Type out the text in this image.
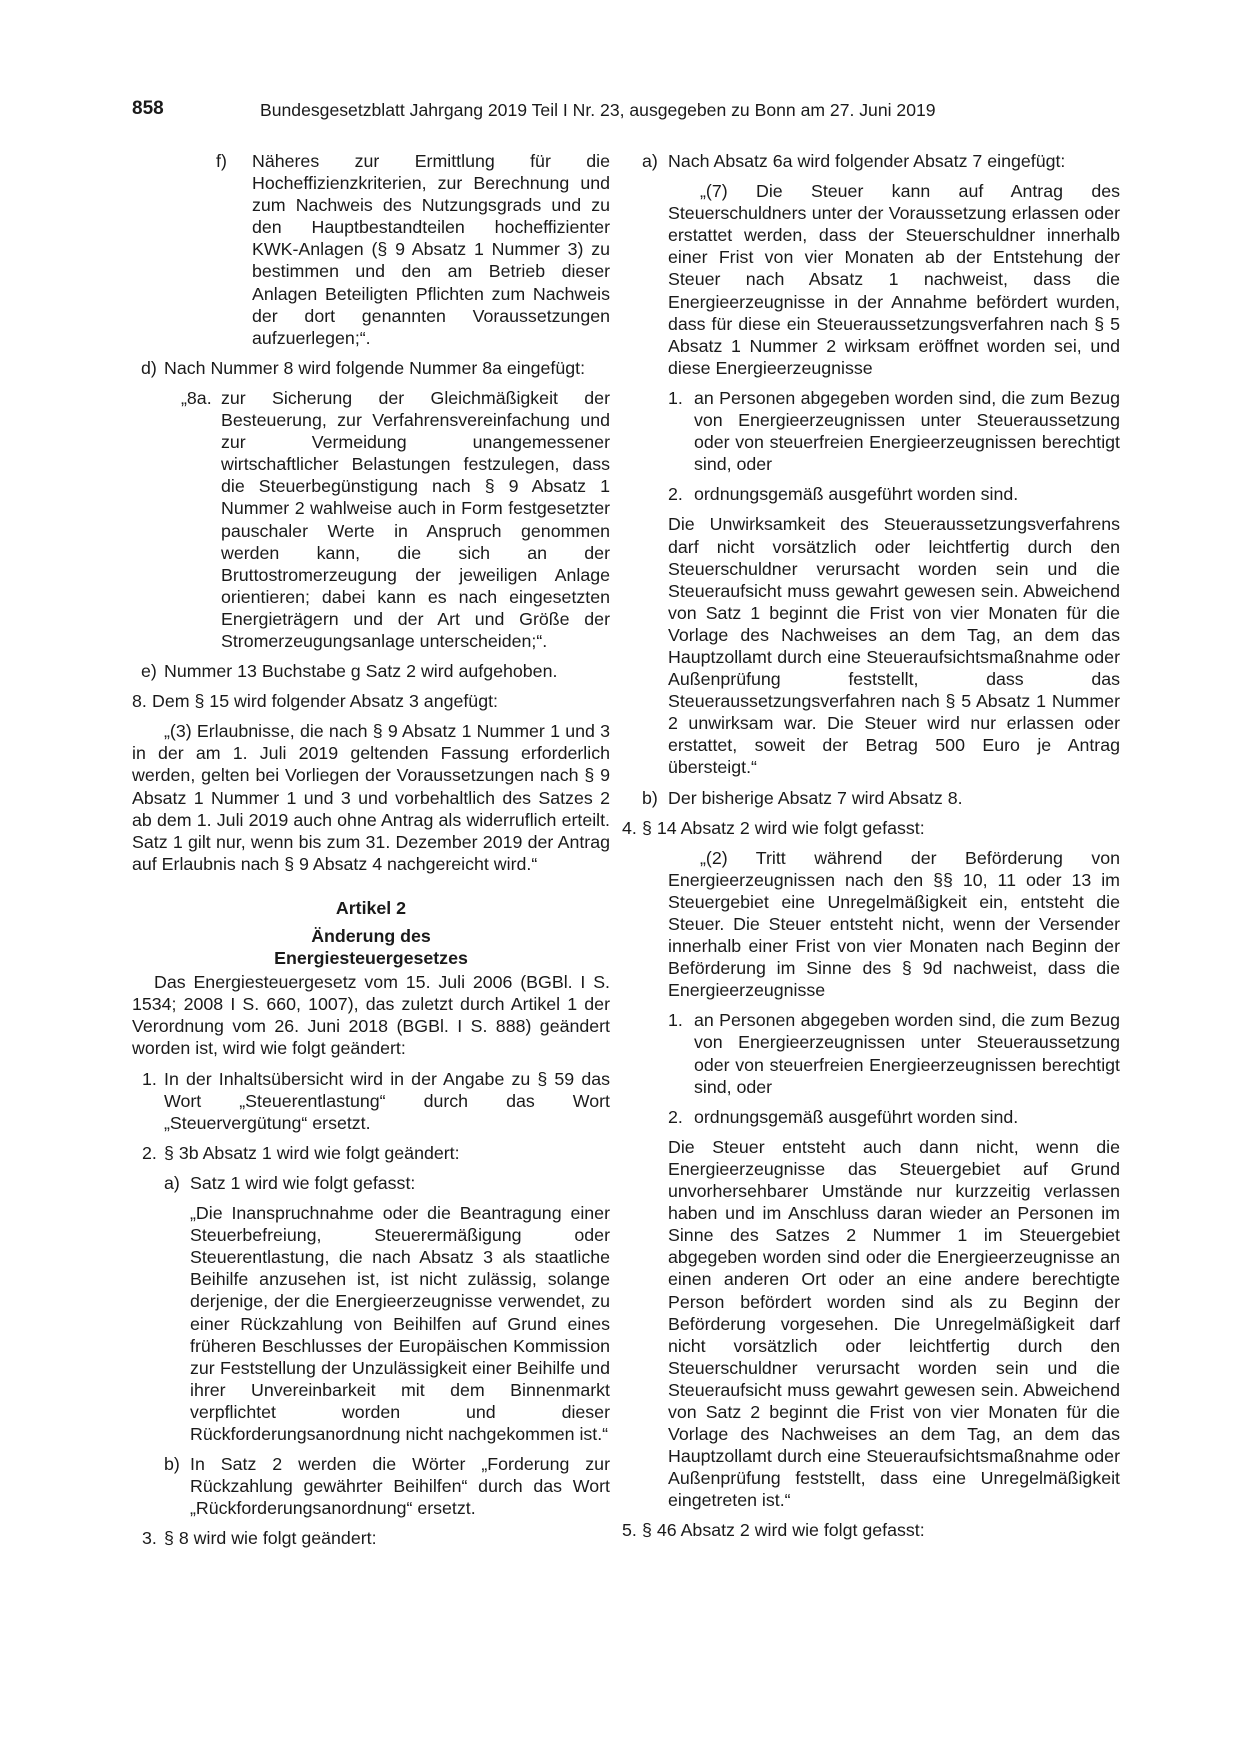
858	Bundesgesetzblatt Jahrgang 2019 Teil I Nr. 23, ausgegeben zu Bonn am 27. Juni 2019
f) Näheres zur Ermittlung für die Hocheffizienzkriterien, zur Berechnung und zum Nachweis des Nutzungsgrads und zu den Hauptbestandteilen hocheffizienter KWK-Anlagen (§ 9 Absatz 1 Nummer 3) zu bestimmen und den am Betrieb dieser Anlagen Beteiligten Pflichten zum Nachweis der dort genannten Voraussetzungen aufzuerlegen;“.

d) Nach Nummer 8 wird folgende Nummer 8a eingefügt:

„8a. zur Sicherung der Gleichmäßigkeit der Besteuerung, zur Verfahrensvereinfachung und zur Vermeidung unangemessener wirtschaftlicher Belastungen festzulegen, dass die Steuerbegünstigung nach § 9 Absatz 1 Nummer 2 wahlweise auch in Form festgesetzter pauschaler Werte in Anspruch genommen werden kann, die sich an der Bruttostromerzeugung der jeweiligen Anlage orientieren; dabei kann es nach eingesetzten Energieträgern und der Art und Größe der Stromerzeugungsanlage unterscheiden;“.

e) Nummer 13 Buchstabe g Satz 2 wird aufgehoben.

8. Dem § 15 wird folgender Absatz 3 angefügt:

„(3) Erlaubnisse, die nach § 9 Absatz 1 Nummer 1 und 3 in der am 1. Juli 2019 geltenden Fassung erforderlich werden, gelten bei Vorliegen der Voraussetzungen nach § 9 Absatz 1 Nummer 1 und 3 und vorbehaltlich des Satzes 2 ab dem 1. Juli 2019 auch ohne Antrag als widerruflich erteilt. Satz 1 gilt nur, wenn bis zum 31. Dezember 2019 der Antrag auf Erlaubnis nach § 9 Absatz 4 nachgereicht wird.“

Artikel 2

Änderung des

Energiesteuergesetzes

Das Energiesteuergesetz vom 15. Juli 2006 (BGBl. I S. 1534; 2008 I S. 660, 1007), das zuletzt durch Artikel 1 der Verordnung vom 26. Juni 2018 (BGBl. I S. 888) geändert worden ist, wird wie folgt geändert:

1. In der Inhaltsübersicht wird in der Angabe zu § 59 das Wort „Steuerentlastung“ durch das Wort „Steuervergütung“ ersetzt.

2. § 3b Absatz 1 wird wie folgt geändert:

a) Satz 1 wird wie folgt gefasst:

„Die Inanspruchnahme oder die Beantragung einer Steuerbefreiung, Steuerermäßigung oder Steuerentlastung, die nach Absatz 3 als staatliche Beihilfe anzusehen ist, ist nicht zulässig, solange derjenige, der die Energieerzeugnisse verwendet, zu einer Rückzahlung von Beihilfen auf Grund eines früheren Beschlusses der Europäischen Kommission zur Feststellung der Unzulässigkeit einer Beihilfe und ihrer Unvereinbarkeit mit dem Binnenmarkt verpflichtet worden und dieser Rückforderungsanordnung nicht nachgekommen ist.“

b) In Satz 2 werden die Wörter „Forderung zur Rückzahlung gewährter Beihilfen“ durch das Wort „Rückforderungsanordnung“ ersetzt.

3. § 8 wird wie folgt geändert:

a) Nach Absatz 6a wird folgender Absatz 7 eingefügt:

„(7) Die Steuer kann auf Antrag des Steuerschuldners unter der Voraussetzung erlassen oder erstattet werden, dass der Steuerschuldner innerhalb einer Frist von vier Monaten ab der Entstehung der Steuer nach Absatz 1 nachweist, dass die Energieerzeugnisse in der Annahme befördert wurden, dass für diese ein Steueraussetzungsverfahren nach § 5 Absatz 1 Nummer 2 wirksam eröffnet worden sei, und diese Energieerzeugnisse

1. an Personen abgegeben worden sind, die zum Bezug von Energieerzeugnissen unter Steueraussetzung oder von steuerfreien Energieerzeugnissen berechtigt sind, oder

2. ordnungsgemäß ausgeführt worden sind.

Die Unwirksamkeit des Steueraussetzungsverfahrens darf nicht vorsätzlich oder leichtfertig durch den Steuerschuldner verursacht worden sein und die Steueraufsicht muss gewahrt gewesen sein. Abweichend von Satz 1 beginnt die Frist von vier Monaten für die Vorlage des Nachweises an dem Tag, an dem das Hauptzollamt durch eine Steueraufsichtsmaßnahme oder Außenprüfung feststellt, dass das Steueraussetzungsverfahren nach § 5 Absatz 1 Nummer 2 unwirksam war. Die Steuer wird nur erlassen oder erstattet, soweit der Betrag 500 Euro je Antrag übersteigt.“

b) Der bisherige Absatz 7 wird Absatz 8.

4. § 14 Absatz 2 wird wie folgt gefasst:

„(2) Tritt während der Beförderung von Energieerzeugnissen nach den §§ 10, 11 oder 13 im Steuergebiet eine Unregelmäßigkeit ein, entsteht die Steuer. Die Steuer entsteht nicht, wenn der Versender innerhalb einer Frist von vier Monaten nach Beginn der Beförderung im Sinne des § 9d nachweist, dass die Energieerzeugnisse

1. an Personen abgegeben worden sind, die zum Bezug von Energieerzeugnissen unter Steueraussetzung oder von steuerfreien Energieerzeugnissen berechtigt sind, oder

2. ordnungsgemäß ausgeführt worden sind.

Die Steuer entsteht auch dann nicht, wenn die Energieerzeugnisse das Steuergebiet auf Grund unvorhersehbarer Umstände nur kurzzeitig verlassen haben und im Anschluss daran wieder an Personen im Sinne des Satzes 2 Nummer 1 im Steuergebiet abgegeben worden sind oder die Energieerzeugnisse an einen anderen Ort oder an eine andere berechtigte Person befördert worden sind als zu Beginn der Beförderung vorgesehen. Die Unregelmäßigkeit darf nicht vorsätzlich oder leichtfertig durch den Steuerschuldner verursacht worden sein und die Steueraufsicht muss gewahrt gewesen sein. Abweichend von Satz 2 beginnt die Frist von vier Monaten für die Vorlage des Nachweises an dem Tag, an dem das Hauptzollamt durch eine Steueraufsichtsmaßnahme oder Außenprüfung feststellt, dass eine Unregelmäßigkeit eingetreten ist.“

5. § 46 Absatz 2 wird wie folgt gefasst:
